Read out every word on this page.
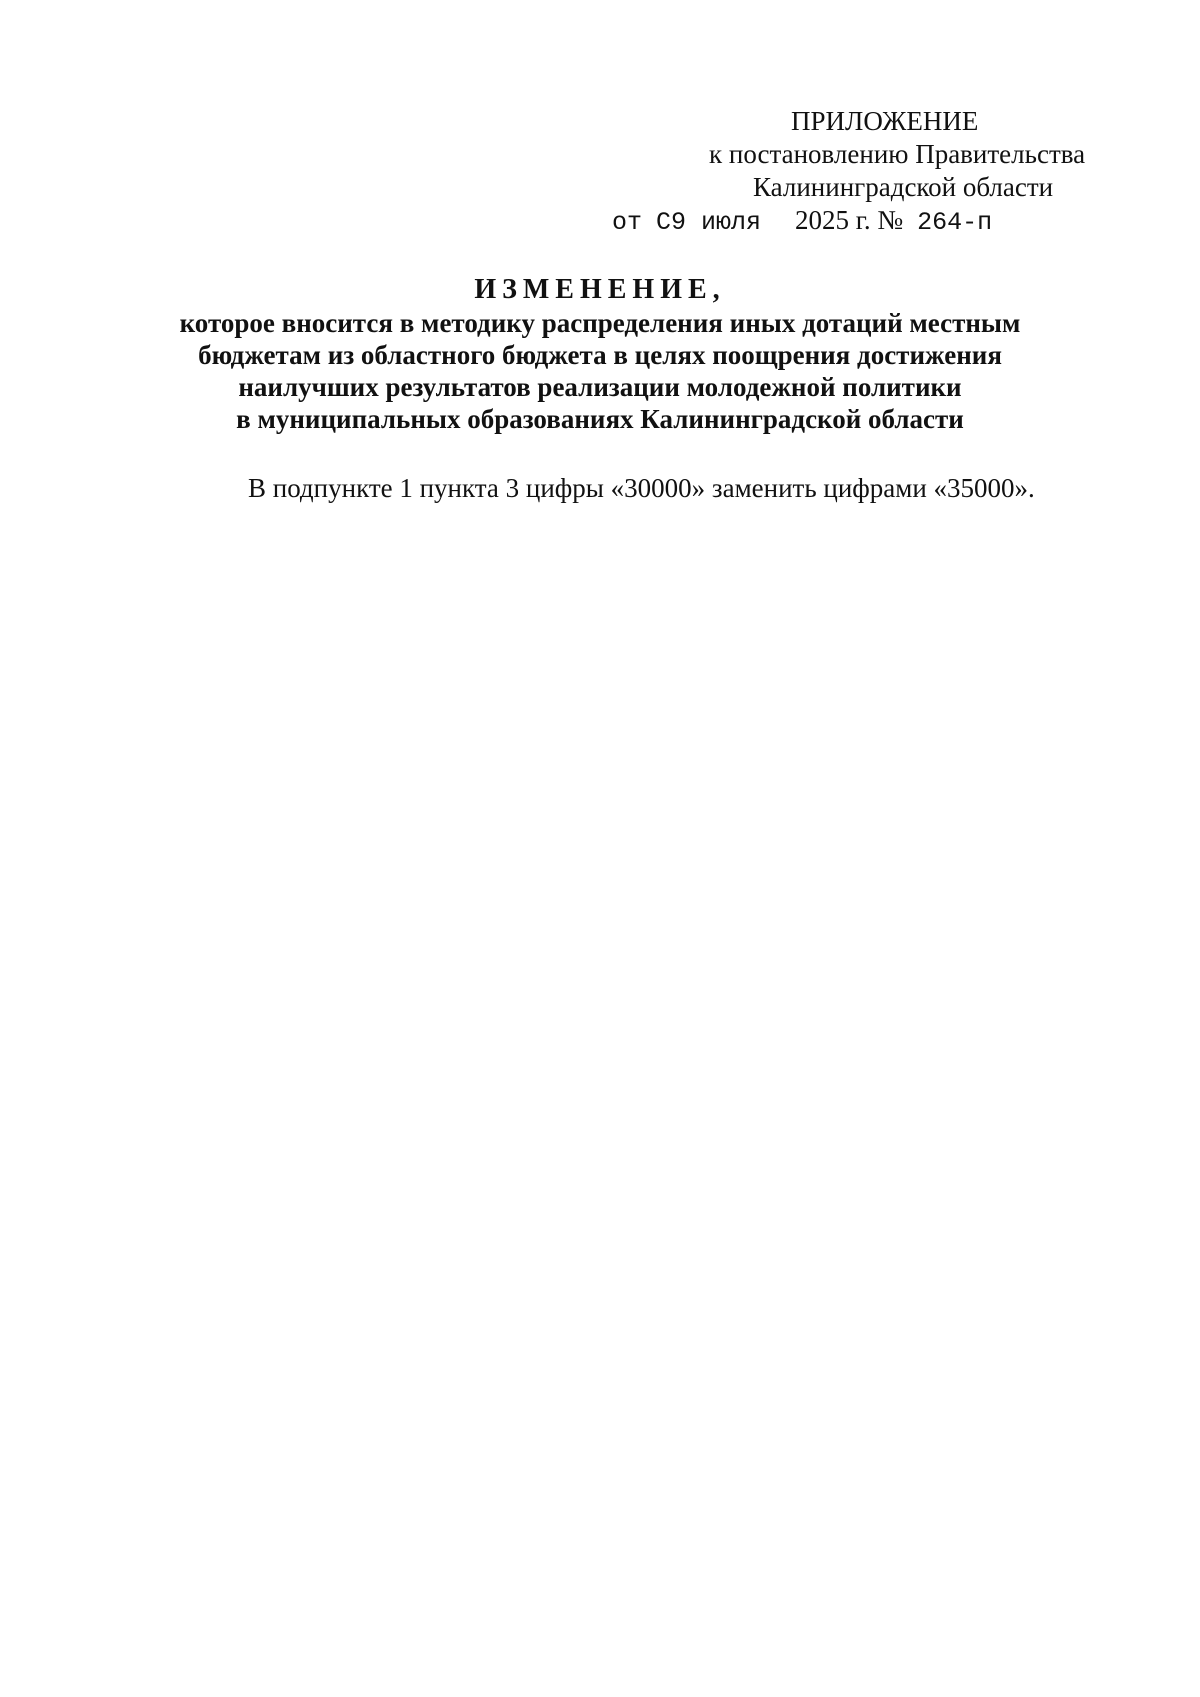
ПРИЛОЖЕНИЕ
к постановлению Правительства
Калининградской области
от С9 июля 2025 г. № 264-п
ИЗМЕНЕНИЕ,
которое вносится в методику распределения иных дотаций местным
бюджетам из областного бюджета в целях поощрения достижения
наилучших результатов реализации молодежной политики
в муниципальных образованиях Калининградской области
В подпункте 1 пункта 3 цифры «30000» заменить цифрами «35000».
